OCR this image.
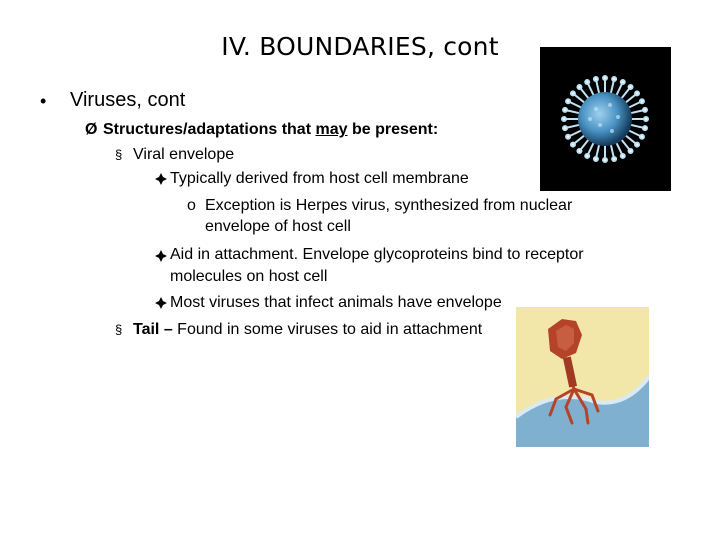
IV. BOUNDARIES, cont
• Viruses, cont
Ø Structures/adaptations that may be present:
§ Viral envelope
Typically derived from host cell membrane
o Exception is Herpes virus, synthesized from nuclear
envelope of host cell
Aid in attachment. Envelope glycoproteins bind to receptor
molecules on host cell
Most viruses that infect animals have envelope
§ Tail – Found in some viruses to aid in attachment
